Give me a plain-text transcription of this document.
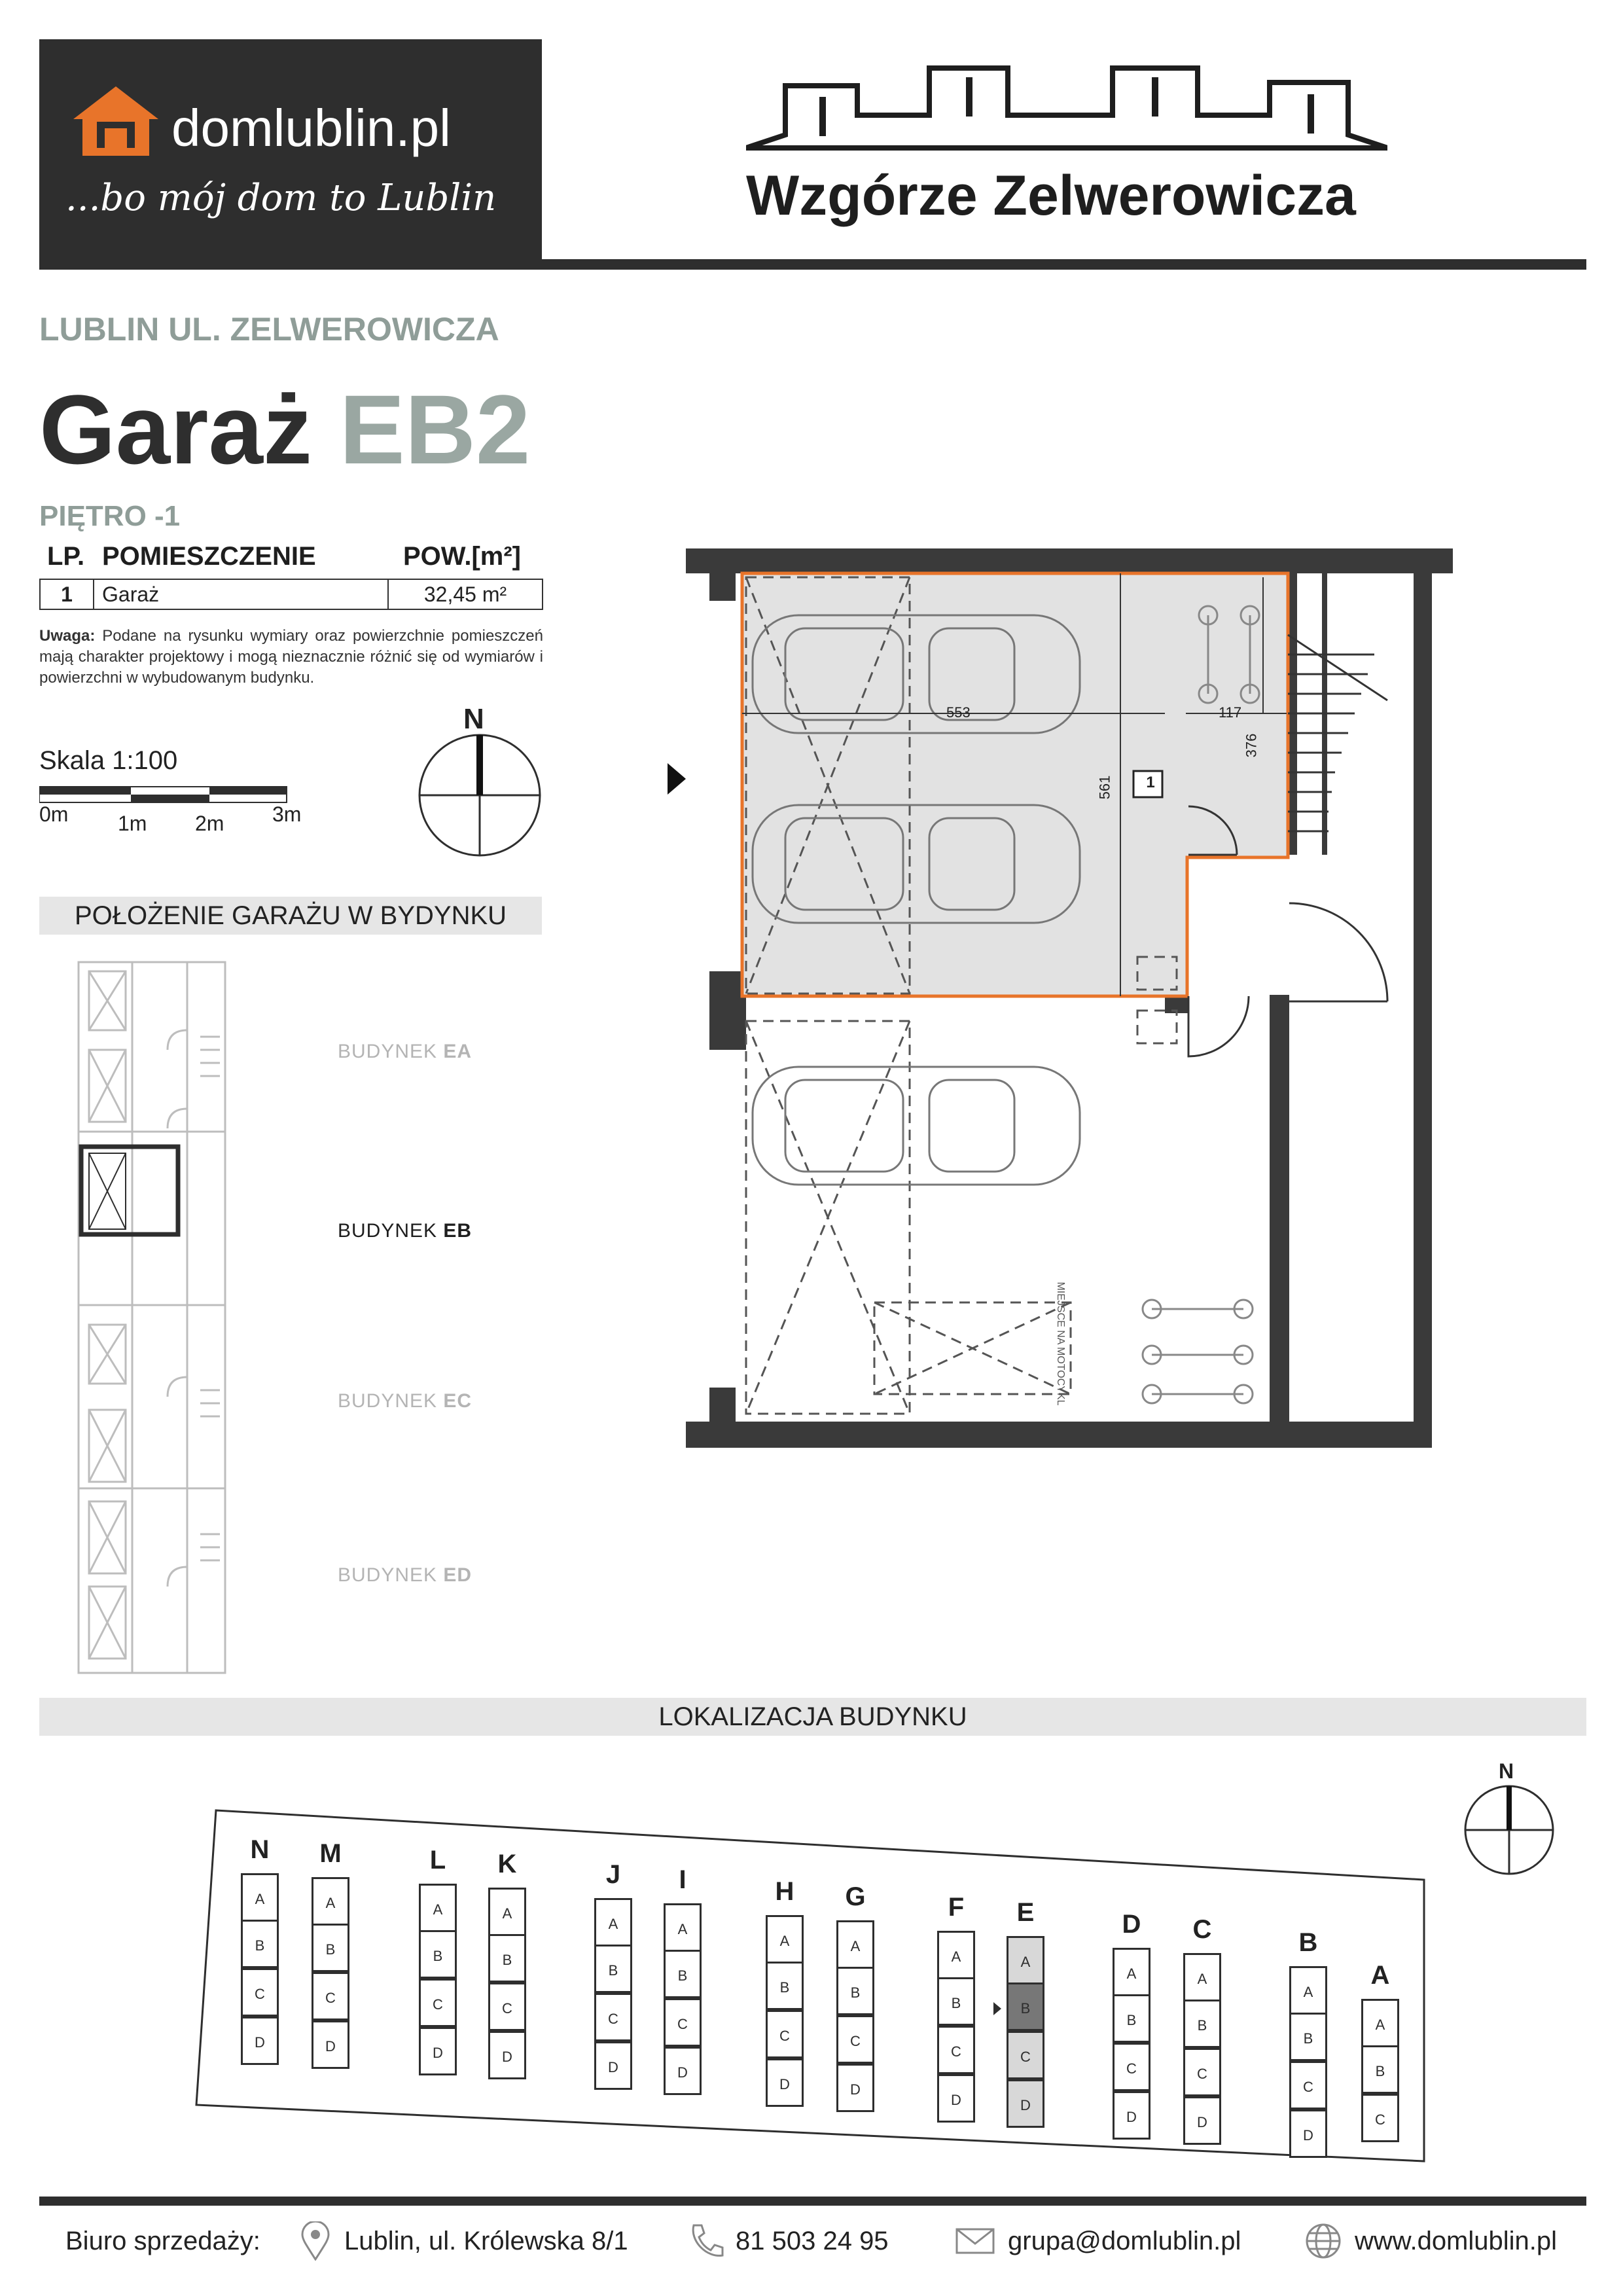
domlublin.pl
...bo mój dom to Lublin	Wzgórze Zelwerowicza
LUBLIN UL. ZELWEROWICZA
Garaż EB2
PIĘTRO -1
LP. POMIESZCZENIE	POW.[m²]
1	Garaż	32,45 m²
Uwaga: Podane na rysunku wymiary oraz powierzchnie pomieszczeń mają charakter projektowy i mogą nieznacznie różnić się od wymiarów i powierzchni w wybudowanym budynku.
Skala 1:100
0m 1m 2m 3m
N
POŁOŻENIE GARAŻU W BYDYNKU
BUDYNEK EA
BUDYNEK EB
BUDYNEK EC
BUDYNEK ED
553	117
376
561	1
MIEJSCE NA MOTOCYKL
LOKALIZACJA BUDYNKU
N
A
B
C
D
M
A
B
C
D
L
A
B
C
D
K
A
B
C
D
J
A
B
C
D
I
A
B
C
D
H
A
B
C
D
G
A
B
C
D
F
A
B
C
D
E
A
B
C
D
D
A
B
C
D
C
A
B
C
D
B
A
B
C
D
A
A
B
C
N
Biuro sprzedaży:	Lublin, ul. Królewska 8/1	81 503 24 95	grupa@domlublin.pl	www.domlublin.pl
